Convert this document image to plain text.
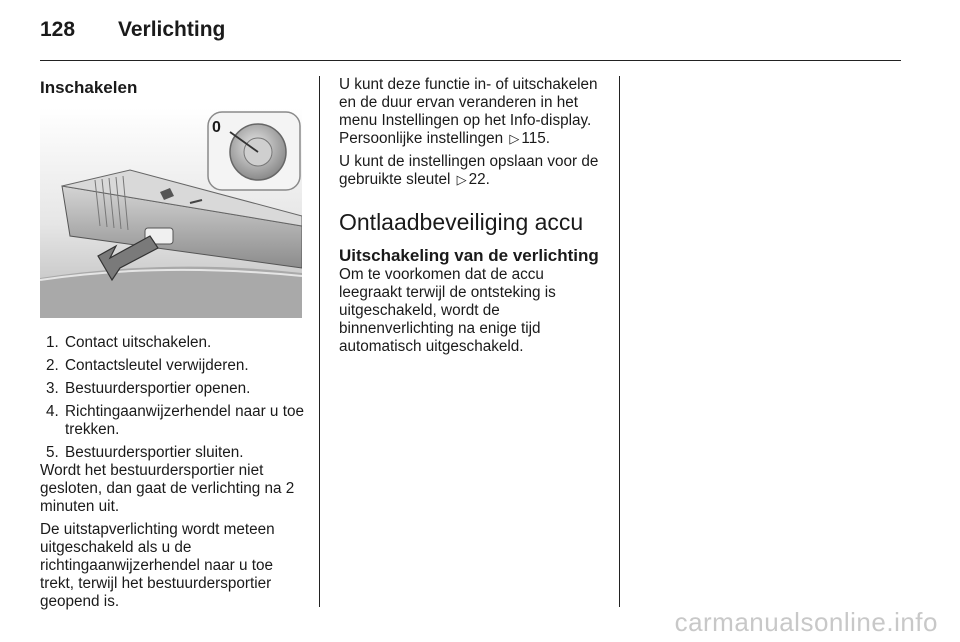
128 Verlichting
Inschakelen
0
1. Contact uitschakelen.
2. Contactsleutel verwijderen.
3. Bestuurdersportier openen.
4. Richtingaanwijzerhendel naar u toe trekken.
5. Bestuurdersportier sluiten.

Wordt het bestuurdersportier niet gesloten, dan gaat de verlichting na 2 minuten uit.

De uitstapverlichting wordt meteen uitgeschakeld als u de richtingaanwijzerhendel naar u toe trekt, terwijl het bestuurdersportier geopend is.

U kunt deze functie in- of uitschakelen en de duur ervan veranderen in het menu Instellingen op het Info-display. Persoonlijke instellingen ▷ 115.

U kunt de instellingen opslaan voor de gebruikte sleutel ▷ 22.

Ontlaadbeveiliging accu
Uitschakeling van de verlichting

Om te voorkomen dat de accu leegraakt terwijl de ontsteking is uitgeschakeld, wordt de binnenverlichting na enige tijd automatisch uitgeschakeld.

carmanualsonline.info
